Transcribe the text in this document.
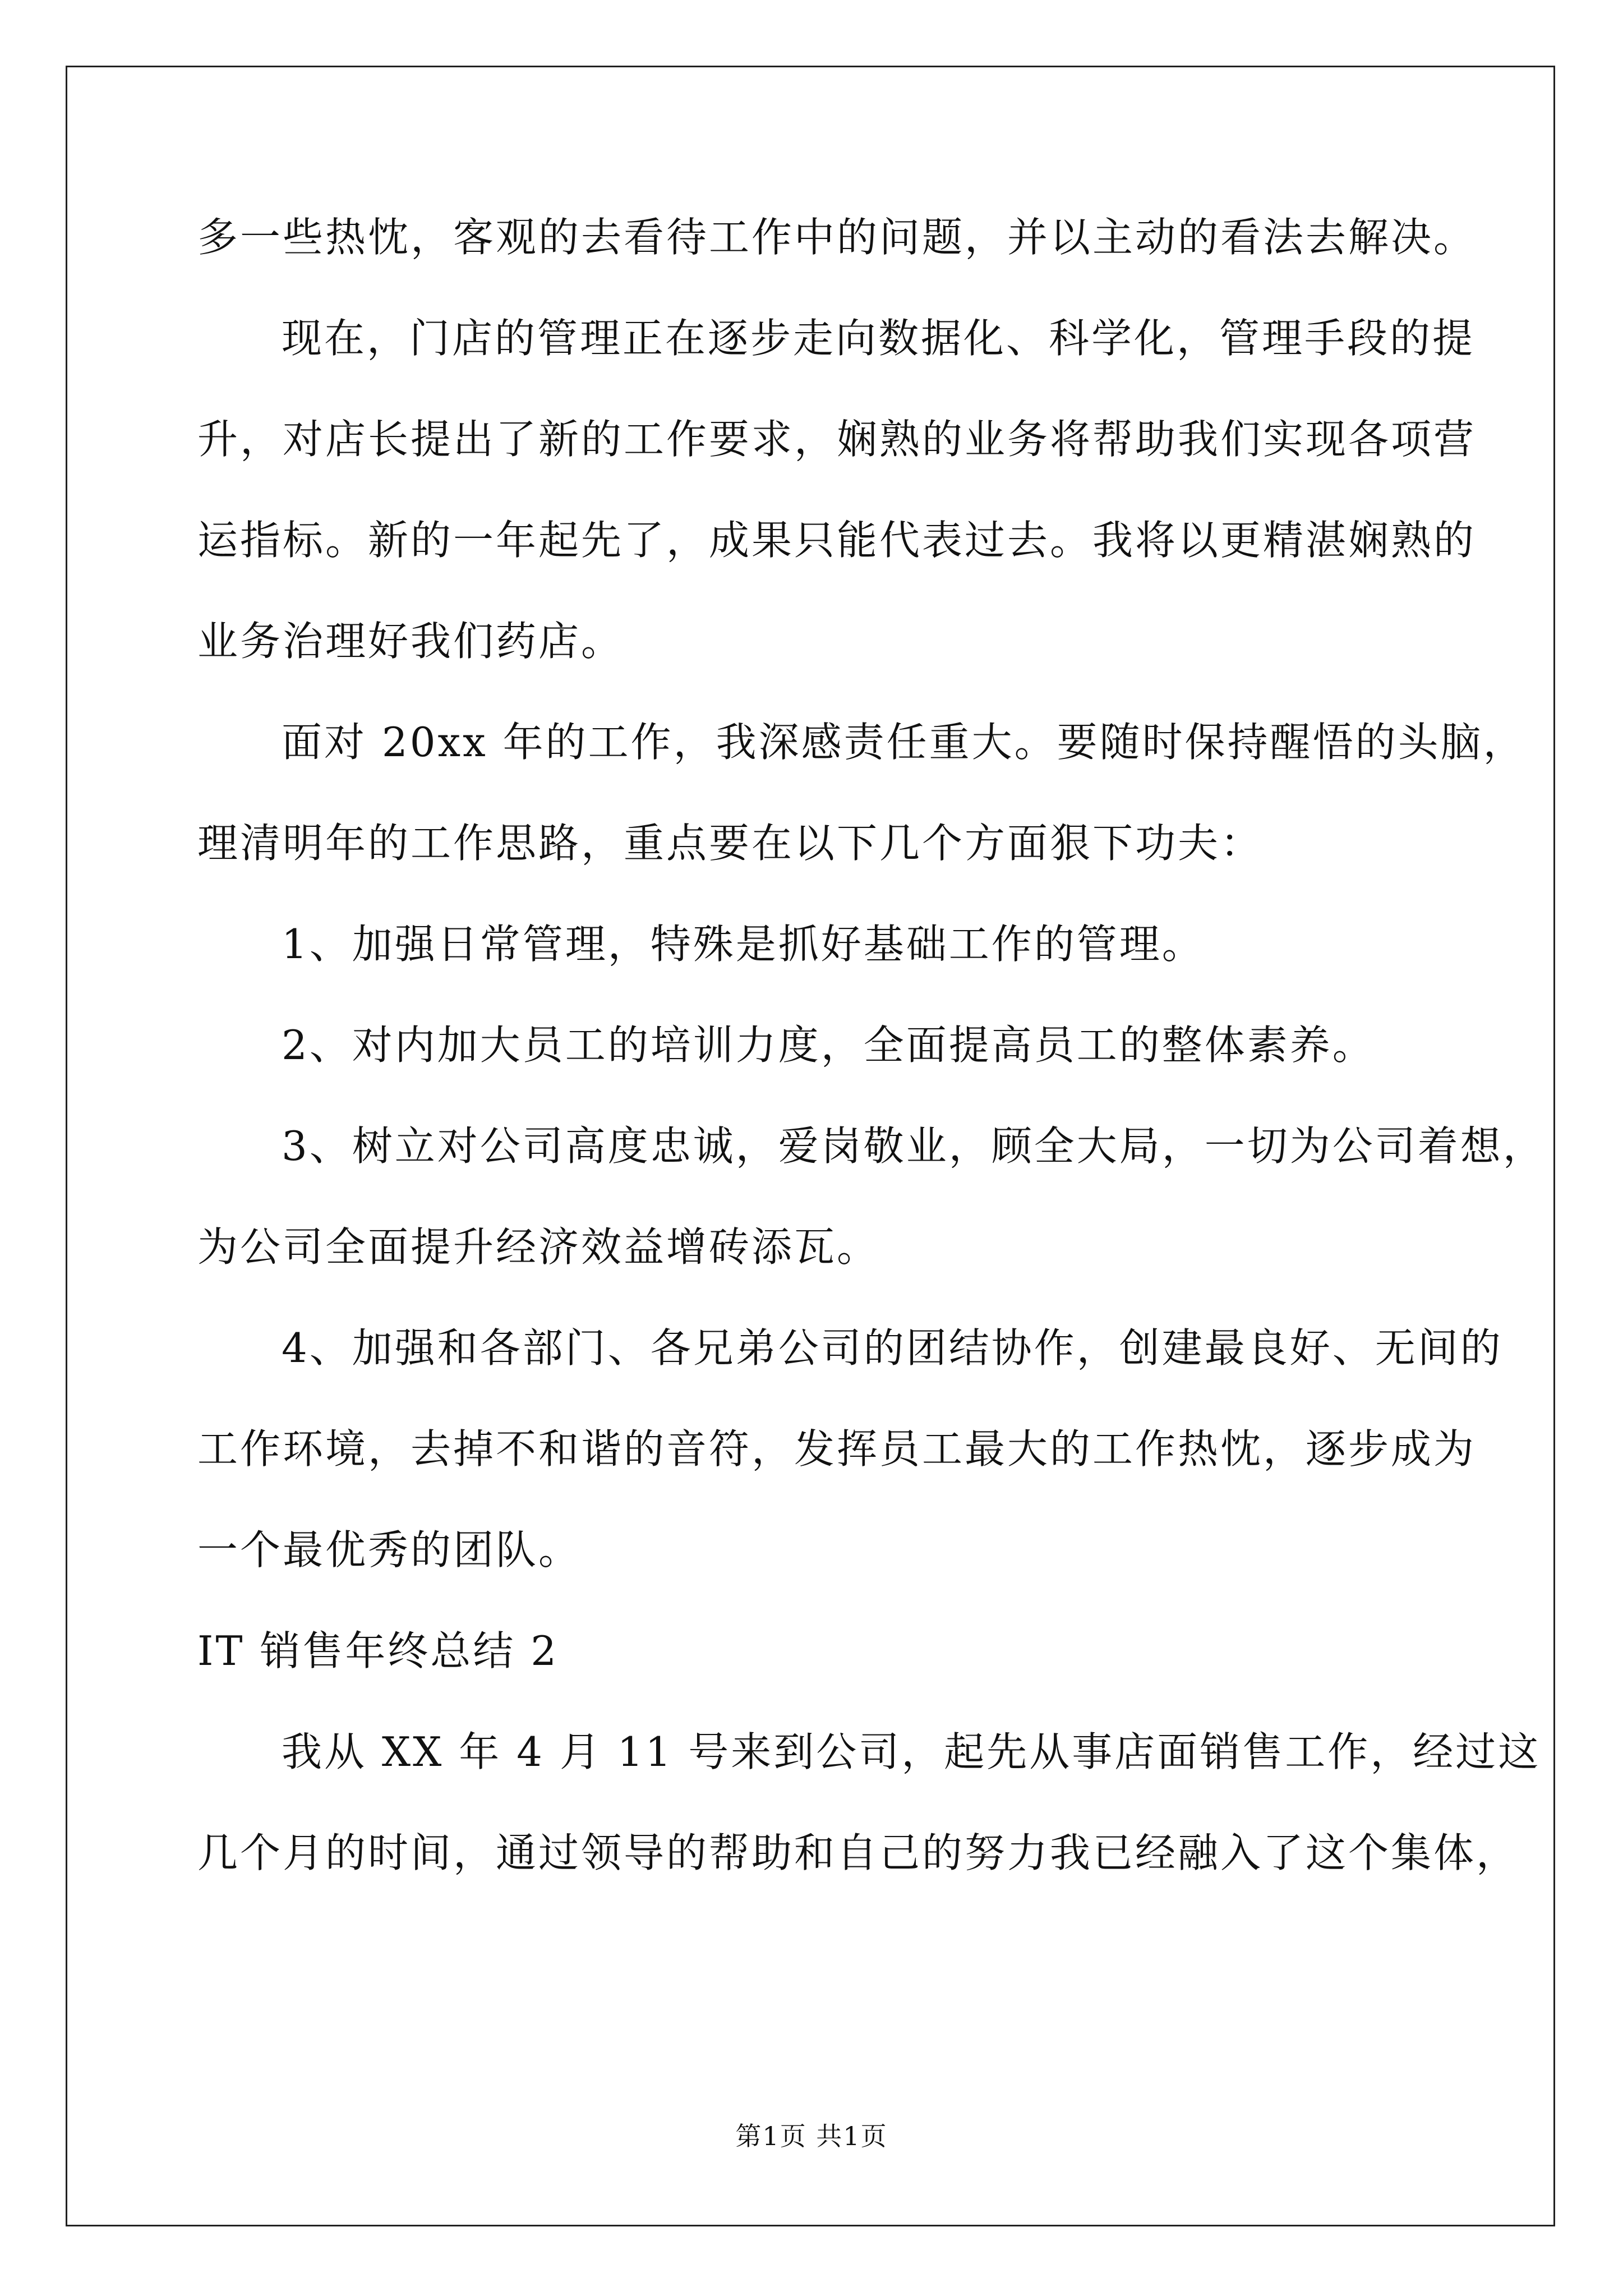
多一些热忱，客观的去看待工作中的问题，并以主动的看法去解决。
现在，门店的管理正在逐步走向数据化、科学化，管理手段的提
升，对店长提出了新的工作要求，娴熟的业务将帮助我们实现各项营
运指标。新的一年起先了，成果只能代表过去。我将以更精湛娴熟的
业务治理好我们药店。
面对 20xx 年的工作，我深感责任重大。要随时保持醒悟的头脑，
理清明年的工作思路，重点要在以下几个方面狠下功夫：
1、加强日常管理，特殊是抓好基础工作的管理。
2、对内加大员工的培训力度，全面提高员工的整体素养。
3、树立对公司高度忠诚，爱岗敬业，顾全大局，一切为公司着想，
为公司全面提升经济效益增砖添瓦。
4、加强和各部门、各兄弟公司的团结协作，创建最良好、无间的
工作环境，去掉不和谐的音符，发挥员工最大的工作热忱，逐步成为
一个最优秀的团队。
IT 销售年终总结 2
我从 XX 年 4 月 11 号来到公司，起先从事店面销售工作，经过这
几个月的时间，通过领导的帮助和自己的努力我已经融入了这个集体，
第1页 共1页
